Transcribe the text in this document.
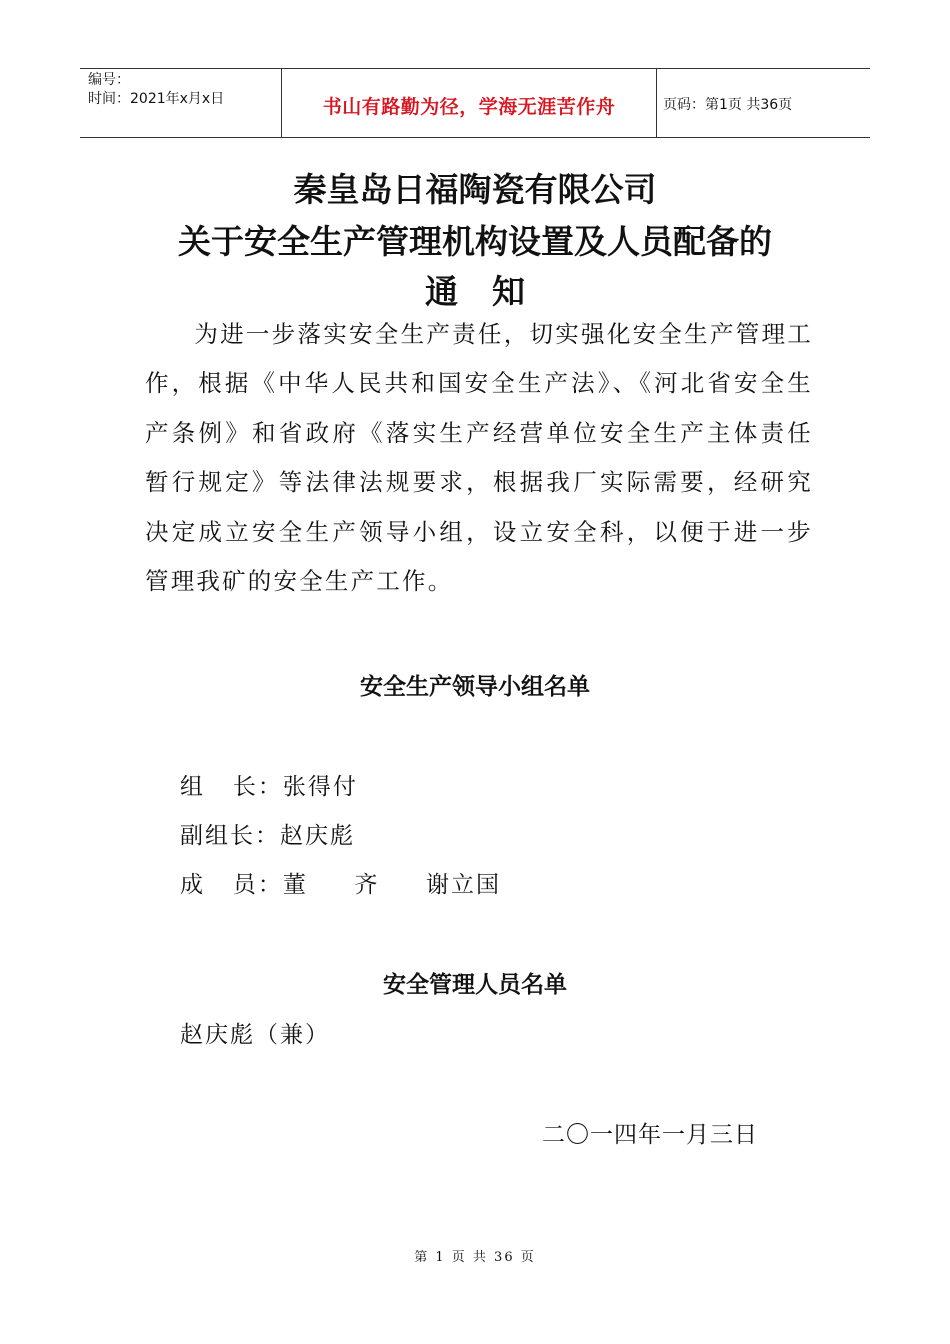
编号：
时间：2021年x月x日	书山有路勤为径，学海无涯苦作舟	页码：第1页 共36页
秦皇岛日福陶瓷有限公司
关于安全生产管理机构设置及人员配备的
通知

为进一步落实安全生产责任，切实强化安全生产管理工作，根据《中华人民共和国安全生产法》、《河北省安全生产条例》和省政府《落实生产经营单位安全生产主体责任暂行规定》等法律法规要求，根据我厂实际需要，经研究决定成立安全生产领导小组，设立安全科，以便于进一步管理我矿的安全生产工作。

安全生产领导小组名单
组   长：张得付
副组长：赵庆彪
成   员：董     齐     谢立国
安全管理人员名单
赵庆彪（兼）
二〇一四年一月三日
第 1 页 共 36 页
